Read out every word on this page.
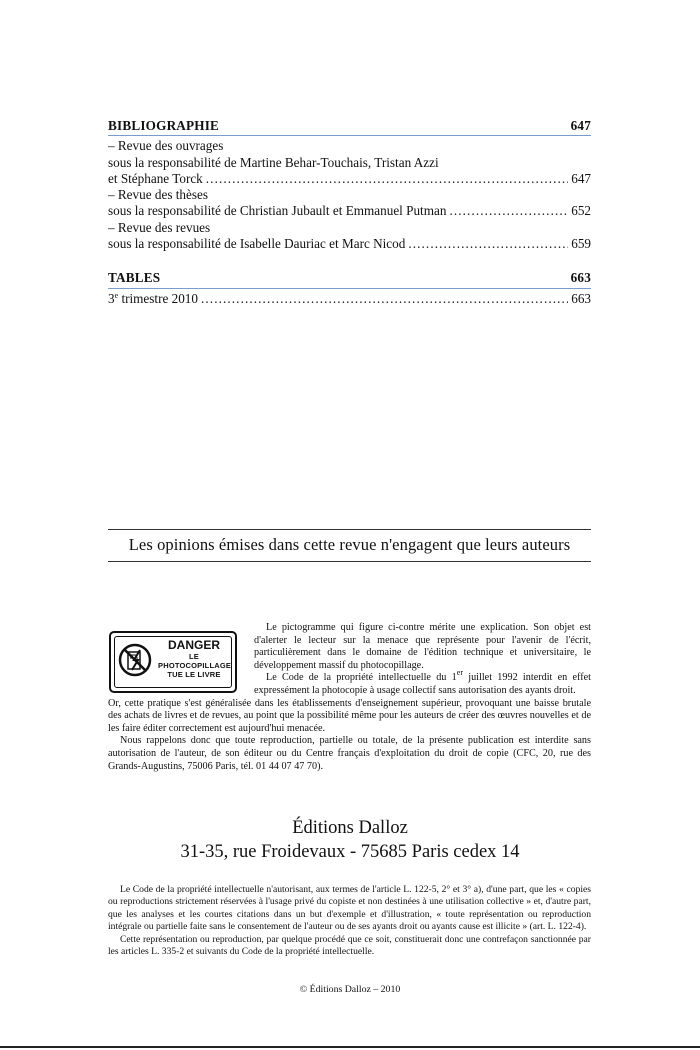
BIBLIOGRAPHIE	647
– Revue des ouvrages
sous la responsabilité de Martine Behar-Touchais, Tristan Azzi
et Stéphane Torck .....	647
– Revue des thèses
sous la responsabilité de Christian Jubault et Emmanuel Putman .....	652
– Revue des revues
sous la responsabilité de Isabelle Dauriac et Marc Nicod .....	659
TABLES	663
3e trimestre 2010 .....	663
Les opinions émises dans cette revue n'engagent que leurs auteurs
DANGER
LE
PHOTOCOPILLAGE
TUE LE LIVRE

Le pictogramme qui figure ci-contre mérite une explication. Son objet est d'alerter le lecteur sur la menace que représente pour l'avenir de l'écrit, particulièrement dans le domaine de l'édition technique et universitaire, le développement massif du photocopillage.

Le Code de la propriété intellectuelle du 1er juillet 1992 interdit en effet expressément la photocopie à usage collectif sans autorisation des ayants droit.

Or, cette pratique s'est généralisée dans les établissements d'enseignement supérieur, provoquant une baisse brutale des achats de livres et de revues, au point que la possibilité même pour les auteurs de créer des œuvres nouvelles et de les faire éditer correctement est aujourd'hui menacée.

Nous rappelons donc que toute reproduction, partielle ou totale, de la présente publication est interdite sans autorisation de l'auteur, de son éditeur ou du Centre français d'exploitation du droit de copie (CFC, 20, rue des Grands-Augustins, 75006 Paris, tél. 01 44 07 47 70).

Éditions Dalloz
31-35, rue Froidevaux - 75685 Paris cedex 14

Le Code de la propriété intellectuelle n'autorisant, aux termes de l'article L. 122-5, 2° et 3° a), d'une part, que les « copies ou reproductions strictement réservées à l'usage privé du copiste et non destinées à une utilisation collective » et, d'autre part, que les analyses et les courtes citations dans un but d'exemple et d'illustration, « toute représentation ou reproduction intégrale ou partielle faite sans le consentement de l'auteur ou de ses ayants droit ou ayants cause est illicite » (art. L. 122-4).

Cette représentation ou reproduction, par quelque procédé que ce soit, constituerait donc une contrefaçon sanctionnée par les articles L. 335-2 et suivants du Code de la propriété intellectuelle.

© Éditions Dalloz – 2010
